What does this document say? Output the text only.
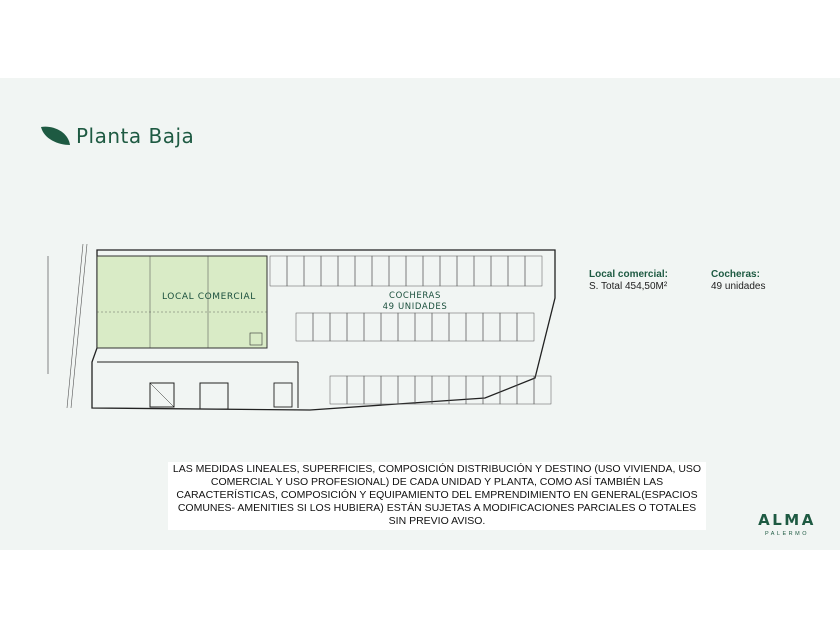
Planta Baja
LOCAL COMERCIAL	COCHERAS
49 UNIDADES
Local comercial:
S. Total 454,50M²
Cocheras:
49 unidades
LAS MEDIDAS LINEALES, SUPERFICIES, COMPOSICIÓN DISTRIBUCIÓN Y DESTINO (USO VIVIENDA, USO COMERCIAL Y USO PROFESIONAL) DE CADA UNIDAD Y PLANTA, COMO ASÍ TAMBIÉN LAS CARACTERÍSTICAS, COMPOSICIÓN Y EQUIPAMIENTO DEL EMPRENDIMIENTO EN GENERAL(ESPACIOS COMUNES- AMENITIES SI LOS HUBIERA) ESTÁN SUJETAS A MODIFICACIONES PARCIALES O TOTALES SIN PREVIO AVISO.	ALMA
PALERMO
